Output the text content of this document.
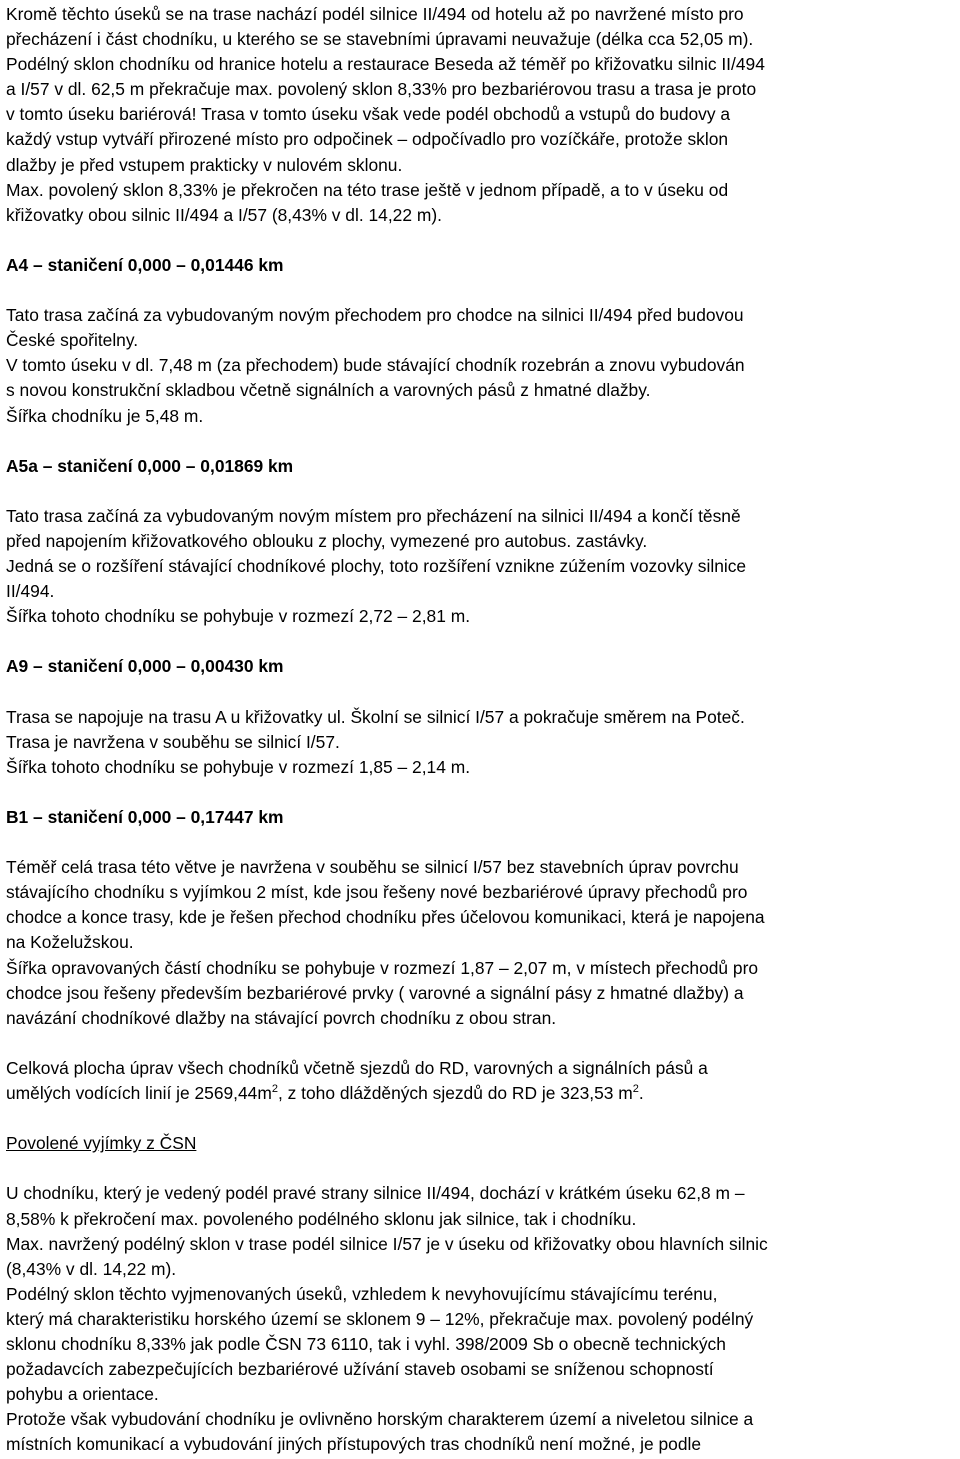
Kromě těchto úseků se na trase nachází podél silnice II/494 od hotelu až po navržené místo pro
přecházení i část chodníku, u kterého se se stavebními úpravami neuvažuje (délka cca 52,05 m).
Podélný sklon chodníku od hranice hotelu a restaurace Beseda až téměř po křižovatku silnic II/494
a I/57 v dl. 62,5 m překračuje max. povolený sklon 8,33% pro bezbariérovou trasu a trasa je proto
v tomto úseku bariérová! Trasa v tomto úseku však vede podél obchodů a vstupů do budovy a
každý vstup vytváří přirozené místo pro odpočinek – odpočívadlo pro vozíčkáře, protože sklon
dlažby je před vstupem prakticky v nulovém sklonu.
Max. povolený sklon 8,33% je překročen na této trase ještě v jednom případě, a to v úseku od
křižovatky obou silnic II/494 a I/57 (8,43% v dl. 14,22 m).
A4 – staničení 0,000 – 0,01446 km
Tato trasa začíná za vybudovaným novým přechodem pro chodce na silnici II/494 před budovou
České spořitelny.
V tomto úseku v dl. 7,48 m (za přechodem) bude stávající chodník rozebrán a znovu vybudován
s novou konstrukční skladbou včetně signálních a varovných pásů z hmatné dlažby.
Šířka chodníku je 5,48 m.
A5a – staničení 0,000 – 0,01869 km
Tato trasa začíná za vybudovaným novým místem pro přecházení na silnici II/494 a končí těsně
před napojením křižovatkového oblouku z plochy, vymezené pro autobus. zastávky.
Jedná se o rozšíření stávající chodníkové plochy, toto rozšíření vznikne zúžením vozovky silnice
II/494.
Šířka tohoto chodníku se pohybuje v rozmezí 2,72 – 2,81 m.
A9 – staničení 0,000 – 0,00430 km
Trasa se napojuje na trasu A u křižovatky ul. Školní se silnicí I/57 a pokračuje směrem na Poteč.
Trasa je navržena v souběhu se silnicí I/57.
Šířka tohoto chodníku se pohybuje v rozmezí 1,85 – 2,14 m.
B1 – staničení 0,000 – 0,17447 km
Téměř celá trasa této větve je navržena v souběhu se silnicí I/57 bez stavebních úprav povrchu
stávajícího chodníku s vyjímkou 2 míst, kde jsou řešeny nové bezbariérové úpravy přechodů pro
chodce a konce trasy, kde je řešen přechod chodníku přes účelovou komunikaci, která je napojena
na Koželužskou.
Šířka opravovaných částí chodníku se pohybuje v rozmezí 1,87 – 2,07 m, v místech přechodů pro
chodce jsou řešeny především bezbariérové prvky ( varovné a signální pásy z hmatné dlažby) a
navázání chodníkové dlažby na stávající povrch chodníku z obou stran.
Celková plocha úprav všech chodníků včetně sjezdů do RD, varovných a signálních pásů a
umělých vodících linií je $2569,44m^2$, z toho dlážděných sjezdů do RD je 323,53 $m^2$.
Povolené vyjímky z ČSN
U chodníku, který je vedený podél pravé strany silnice II/494, dochází v krátkém úseku 62,8 m –
8,58% k překročení max. povoleného podélného sklonu jak silnice, tak i chodníku.
Max. navržený podélný sklon v trase podél silnice I/57 je v úseku od křižovatky obou hlavních silnic
(8,43% v dl. 14,22 m).
Podélný sklon těchto vyjmenovaných úseků, vzhledem k nevyhovujícímu stávajícímu terénu,
který má charakteristiku horského území se sklonem 9 – 12%, překračuje max. povolený podélný
sklonu chodníku 8,33% jak podle ČSN 73 6110, tak i vyhl. 398/2009 Sb o obecně technických
požadavcích zabezpečujících bezbariérové užívání staveb osobami se sníženou schopností
pohybu a orientace.
Protože však vybudování chodníku je ovlivněno horským charakterem území a niveletou silnice a
místních komunikací a vybudování jiných přístupových tras chodníků není možné, je podle
